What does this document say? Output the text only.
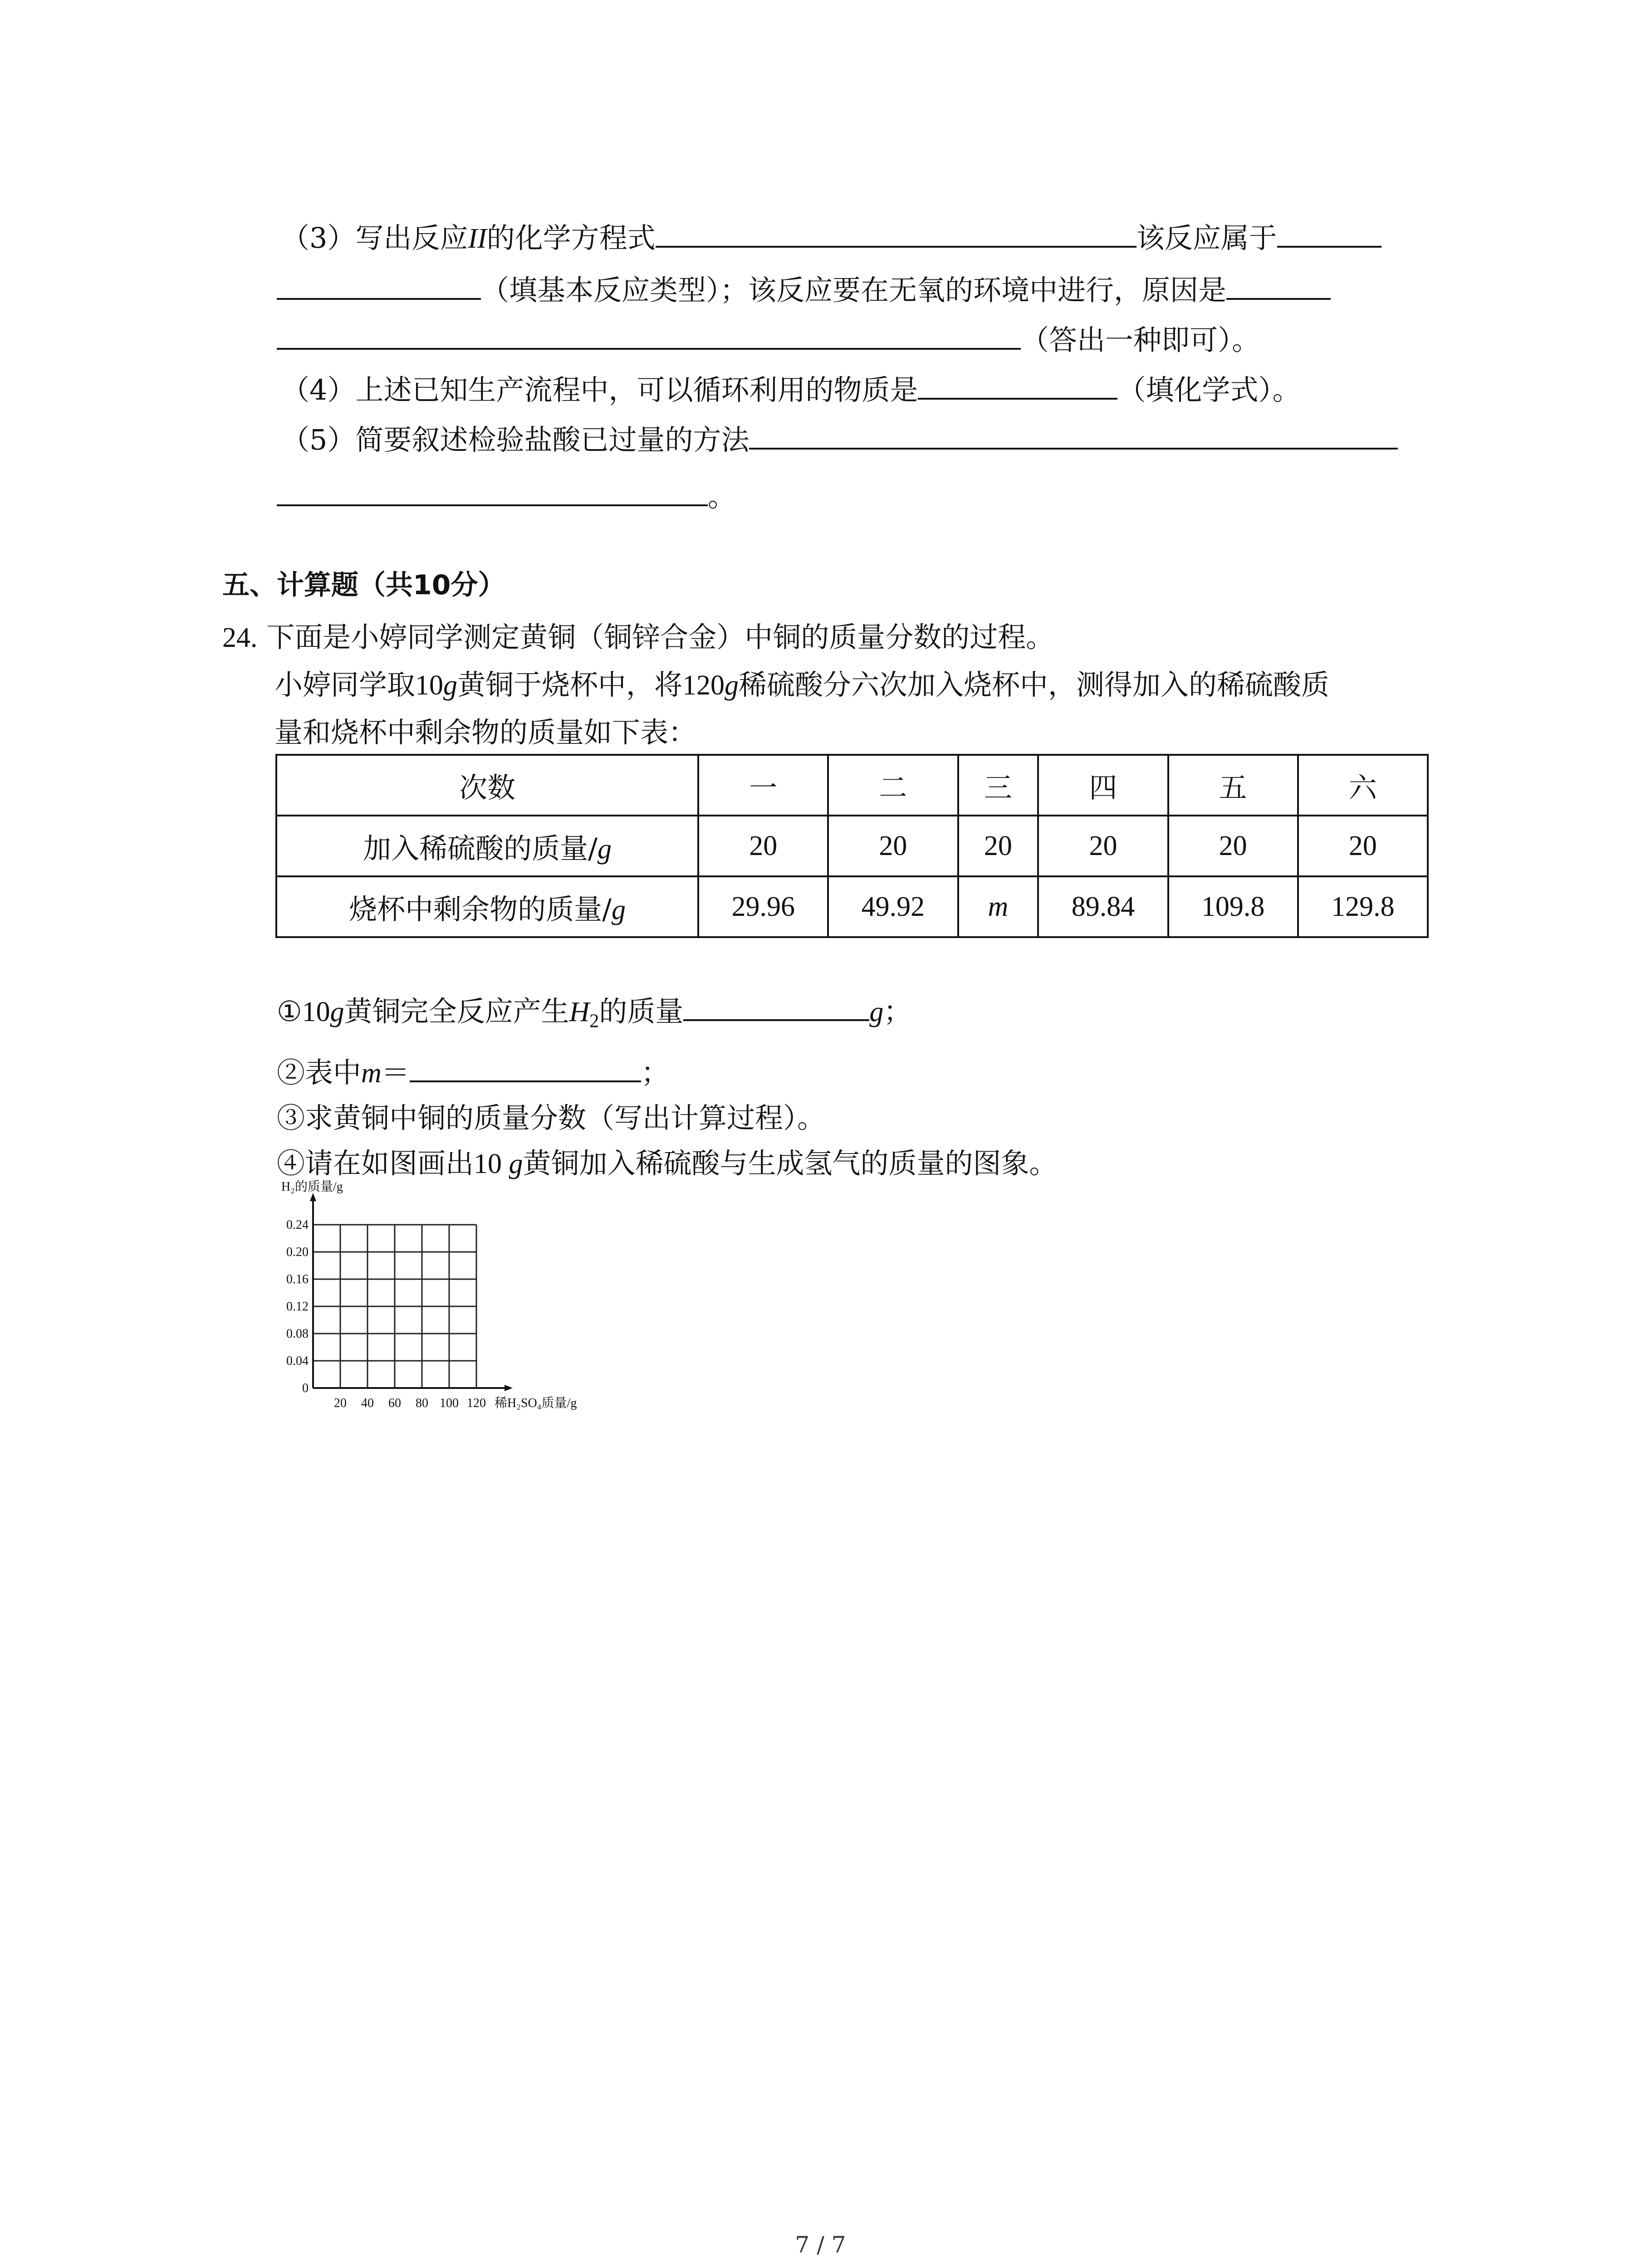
（3）写出反应II的化学方程式	该反应属于
（填基本反应类型）；该反应要在无氧的环境中进行，原因是
（答出一种即可）。
（4）上述已知生产流程中，可以循环利用的物质是	（填化学式）。
（5）简要叙述检验盐酸已过量的方法
。
五、计算题（共10分）
24. 下面是小婷同学测定黄铜（铜锌合金）中铜的质量分数的过程。
小婷同学取10g黄铜于烧杯中，将120g稀硫酸分六次加入烧杯中，测得加入的稀硫酸质
量和烧杯中剩余物的质量如下表：
次数	一	二	三	四	五	六
加入稀硫酸的质量/g	20	20	20	20	20	20
烧杯中剩余物的质量/g	29.96	49.92	m	89.84	109.8	129.8
①10g黄铜完全反应产生$H_2$的质量	g；
②表中m＝	；
③求黄铜中铜的质量分数（写出计算过程）。
④请在如图画出10 g黄铜加入稀硫酸与生成氢气的质量的图象。
20 40 60 80 100 120
0.04
0.08
0.12
0.16
0.20
0.24
0
H₂的质量/g
稀H₂SO₄质量/g
7 / 7
